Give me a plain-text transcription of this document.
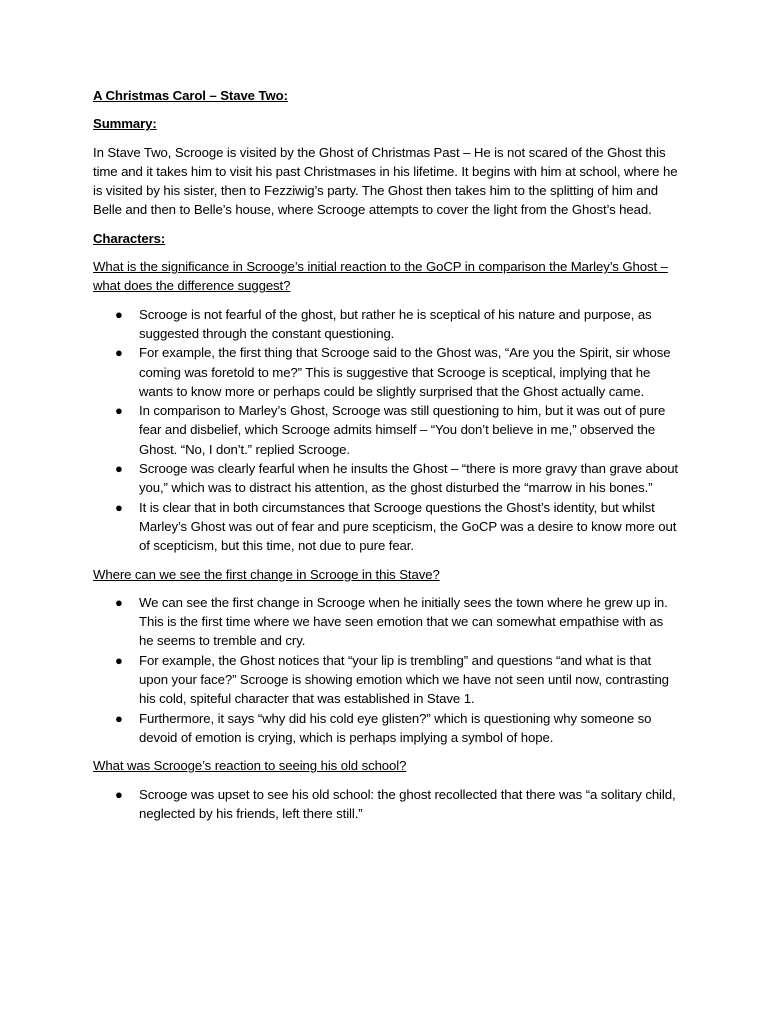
A Christmas Carol – Stave Two:
Summary:
In Stave Two, Scrooge is visited by the Ghost of Christmas Past – He is not scared of the Ghost this time and it takes him to visit his past Christmases in his lifetime. It begins with him at school, where he is visited by his sister, then to Fezziwig’s party. The Ghost then takes him to the splitting of him and Belle and then to Belle’s house, where Scrooge attempts to cover the light from the Ghost’s head.
Characters:
What is the significance in Scrooge’s initial reaction to the GoCP in comparison the Marley’s Ghost – what does the difference suggest?
● Scrooge is not fearful of the ghost, but rather he is sceptical of his nature and purpose, as suggested through the constant questioning.
● For example, the first thing that Scrooge said to the Ghost was, “Are you the Spirit, sir whose coming was foretold to me?” This is suggestive that Scrooge is sceptical, implying that he wants to know more or perhaps could be slightly surprised that the Ghost actually came.
● In comparison to Marley’s Ghost, Scrooge was still questioning to him, but it was out of pure fear and disbelief, which Scrooge admits himself – “You don’t believe in me,” observed the Ghost. “No, I don’t.” replied Scrooge.
● Scrooge was clearly fearful when he insults the Ghost – “there is more gravy than grave about you,” which was to distract his attention, as the ghost disturbed the “marrow in his bones.”
● It is clear that in both circumstances that Scrooge questions the Ghost’s identity, but whilst Marley’s Ghost was out of fear and pure scepticism, the GoCP was a desire to know more out of scepticism, but this time, not due to pure fear.
Where can we see the first change in Scrooge in this Stave?
● We can see the first change in Scrooge when he initially sees the town where he grew up in. This is the first time where we have seen emotion that we can somewhat empathise with as he seems to tremble and cry.
● For example, the Ghost notices that “your lip is trembling” and questions “and what is that upon your face?” Scrooge is showing emotion which we have not seen until now, contrasting his cold, spiteful character that was established in Stave 1.
● Furthermore, it says “why did his cold eye glisten?” which is questioning why someone so devoid of emotion is crying, which is perhaps implying a symbol of hope.
What was Scrooge’s reaction to seeing his old school?
● Scrooge was upset to see his old school: the ghost recollected that there was “a solitary child, neglected by his friends, left there still.”
